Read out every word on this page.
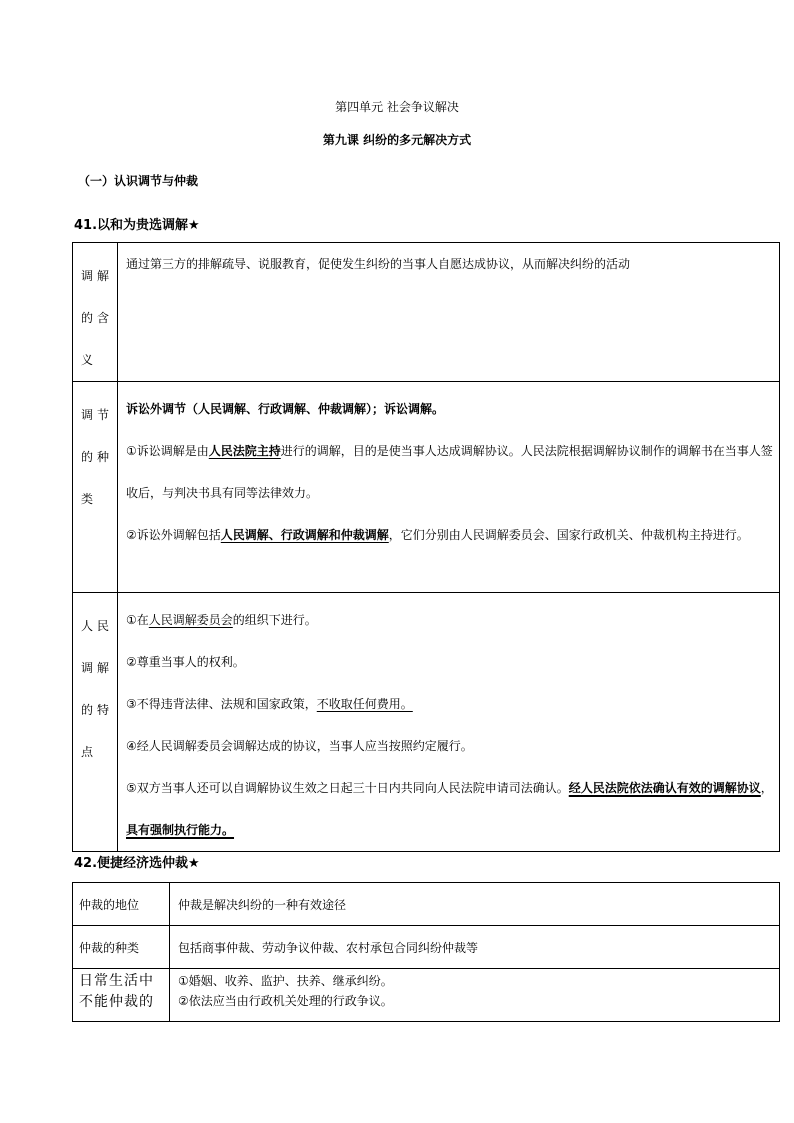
第四单元 社会争议解决
第九课 纠纷的多元解决方式
（一）认识调节与仲裁
41.以和为贵选调解★
调解的含义	通过第三方的排解疏导、说服教育，促使发生纠纷的当事人自愿达成协议，从而解决纠纷的活动

调节的种类	诉讼外调节（人民调解、行政调解、仲裁调解）；诉讼调解。
①诉讼调解是由人民法院主持进行的调解，目的是使当事人达成调解协议。人民法院根据调解协议制作的调解书在当事人签收后，与判决书具有同等法律效力。
②诉讼外调解包括人民调解、行政调解和仲裁调解，它们分别由人民调解委员会、国家行政机关、仲裁机构主持进行。

人民调解的特点	①在人民调解委员会的组织下进行。
②尊重当事人的权利。
③不得违背法律、法规和国家政策，不收取任何费用。
④经人民调解委员会调解达成的协议，当事人应当按照约定履行。
⑤双方当事人还可以自调解协议生效之日起三十日内共同向人民法院申请司法确认。经人民法院依法确认有效的调解协议，具有强制执行能力。
42.便捷经济选仲裁★
仲裁的地位	仲裁是解决纠纷的一种有效途径
仲裁的种类	包括商事仲裁、劳动争议仲裁、农村承包合同纠纷仲裁等
日常生活中不能仲裁的	①婚姻、收养、监护、扶养、继承纠纷。
②依法应当由行政机关处理的行政争议。
